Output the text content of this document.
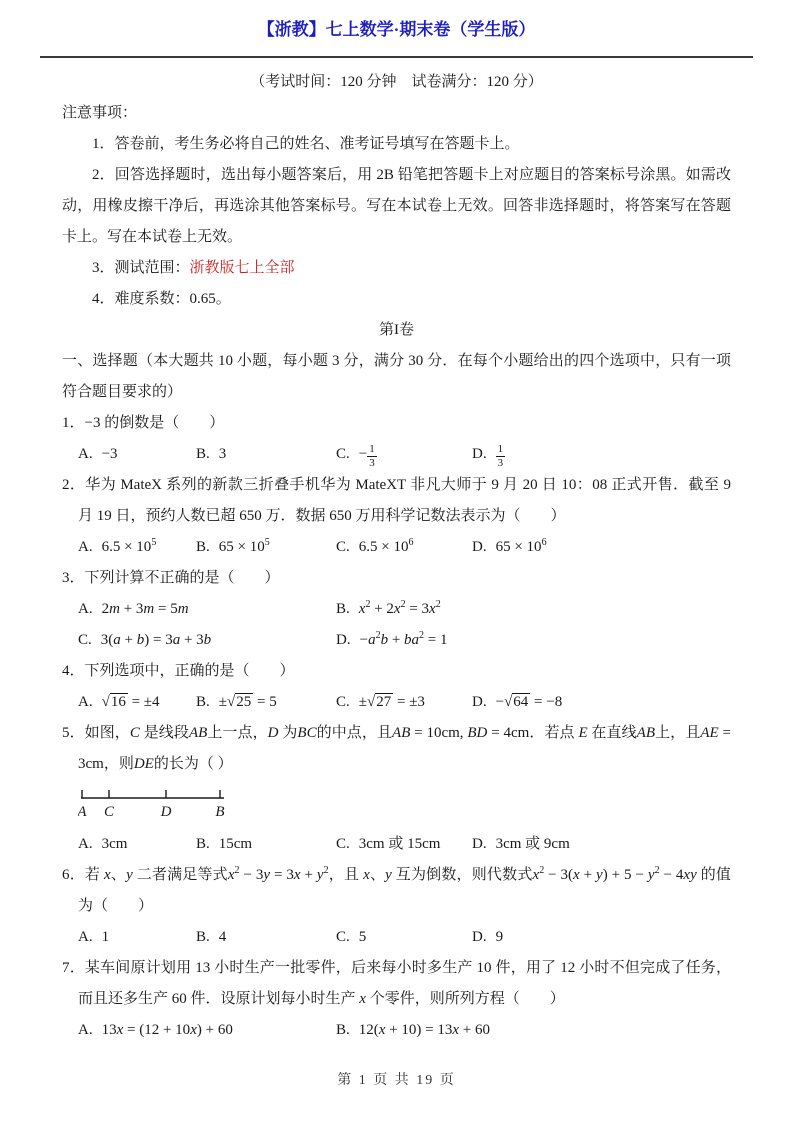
【浙教】七上数学·期末卷（学生版）

（考试时间：120 分钟　试卷满分：120 分）

注意事项：

1．答卷前，考生务必将自己的姓名、准考证号填写在答题卡上。

2．回答选择题时，选出每小题答案后，用 2B 铅笔把答题卡上对应题目的答案标号涂黑。如需改动，用橡皮擦干净后，再选涂其他答案标号。写在本试卷上无效。回答非选择题时，将答案写在答题卡上。写在本试卷上无效。

3．测试范围：浙教版七上全部

4．难度系数：0.65。

第I卷

一、选择题（本大题共 10 小题，每小题 3 分，满分 30 分．在每个小题给出的四个选项中，只有一项符合题目要求的）

1．−3 的倒数是（　　）

A. −3	B. 3	C. − $\frac{1}{3}$	D. $\frac{1}{3}$

2．华为 MateX 系列的新款三折叠手机华为 MateXT 非凡大师于 9 月 20 日 10：08 正式开售．截至 9 月 19 日，预约人数已超 650 万．数据 650 万用科学记数法表示为（　　）

A. $6.5 \times 10^5$	B. $65 \times 10^5$	C. $6.5 \times 10^6$	D. $65 \times 10^6$

3．下列计算不正确的是（　　）

A. 2m + 3m = 5m	B. $x^2 + 2x^2 = 3x^2$
C. 3(a + b) = 3a + 3b	D. $-a^2b + ba^2 = 1$

4．下列选项中，正确的是（　　）

A. √16 = ±4	B. ±√25 = 5	C. ±√27 = ±3	D. −√64 = −8

5．如图，C 是线段AB上一点，D 为BC的中点，且AB = 10cm, BD = 4cm．若点 E 在直线AB上，且AE = 3cm，则DE的长为（ ）

A C	D	B
A. 3cm	B. 15cm	C. 3cm 或 15cm	D. 3cm 或 9cm

6．若 x、y 二者满足等式$x^2 - 3y = 3x + y^2$，且 x、y 互为倒数，则代数式$x^2 - 3(x + y) + 5 - y^2 - 4xy$ 的值为（　　）

A. 1	B. 4	C. 5	D. 9

7．某车间原计划用 13 小时生产一批零件，后来每小时多生产 10 件，用了 12 小时不但完成了任务，而且还多生产 60 件．设原计划每小时生产 x 个零件，则所列方程（　　）

A. 13x = (12 + 10x) + 60	B. 12(x + 10) = 13x + 60
第 1 页 共 19 页
